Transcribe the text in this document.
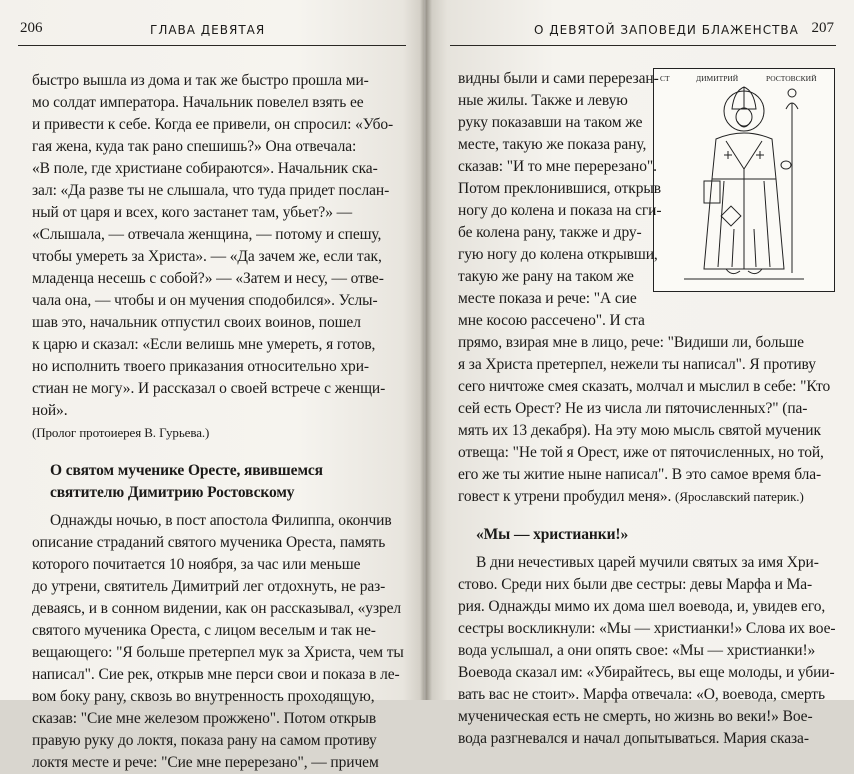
206	ГЛАВА ДЕВЯТАЯ
быстро вышла из дома и так же быстро прошла ми-
мо солдат императора. Начальник повелел взять ее
и привести к себе. Когда ее привели, он спросил: «Убо-
гая жена, куда так рано спешишь?» Она отвечала:
«В поле, где христиане собираются». Начальник ска-
зал: «Да разве ты не слышала, что туда придет послан-
ный от царя и всех, кого застанет там, убьет?» —
«Слышала, — отвечала женщина, — потому и спешу,
чтобы умереть за Христа». — «Да зачем же, если так,
младенца несешь с собой?» — «Затем и несу, — отве-
чала она, — чтобы и он мучения сподобился». Услы-
шав это, начальник отпустил своих воинов, пошел
к царю и сказал: «Если велишь мне умереть, я готов,
но исполнить твоего приказания относительно хри-
стиан не могу». И рассказал о своей встрече с женщи-
ной».
(Пролог протоиерея В. Гурьева.)
О святом мученике Оресте, явившемся
святителю Димитрию Ростовскому
Однажды ночью, в пост апостола Филиппа, окончив
описание страданий святого мученика Ореста, память
которого почитается 10 ноября, за час или меньше
до утрени, святитель Димитрий лег отдохнуть, не раз-
деваясь, и в сонном видении, как он рассказывал, «узрел
святого мученика Ореста, с лицом веселым и так не-
вещающего: "Я больше претерпел мук за Христа, чем ты
написал". Сие рек, открыв мне перси свои и показа в ле-
вом боку рану, сквозь во внутренность проходящую,
сказав: "Сие мне железом прожжено". Потом открыв
правую руку до локтя, показа рану на самом противу
локтя месте и рече: "Сие мне перерезано", — причем
О ДЕВЯТОЙ ЗАПОВЕДИ БЛАЖЕНСТВА 207
СТ	ДИМИТРИЙ	РОСТОВСКИЙ
видны были и сами перерезан-
ные жилы. Также и левую
руку показавши на таком же
месте, такую же показа рану,
сказав: "И то мне перерезано".
Потом преклонившися, открыв
ногу до колена и показа на сги-
бе колена рану, также и дру-
гую ногу до колена открывши,
такую же рану на таком же
месте показа и рече: "А сие
мне косою рассечено". И ста
прямо, взирая мне в лицо, рече: "Видиши ли, больше
я за Христа претерпел, нежели ты написал". Я противу
сего ничтоже смея сказать, молчал и мыслил в себе: "Кто
сей есть Орест? Не из числа ли пяточисленных?" (па-
мять их 13 декабря). На эту мою мысль святой мученик
отвеща: "Не той я Орест, иже от пяточисленных, но той,
его же ты житие ныне написал". В это самое время бла-
говест к утрени пробудил меня». (Ярославский патерик.)
«Мы — христианки!»
В дни нечестивых царей мучили святых за имя Хри-
стово. Среди них были две сестры: девы Марфа и Ма-
рия. Однажды мимо их дома шел воевода, и, увидев его,
сестры воскликнули: «Мы — христианки!» Слова их вое-
вода услышал, а они опять свое: «Мы — христианки!»
Воевода сказал им: «Убирайтесь, вы еще молоды, и убии-
вать вас не стоит». Марфа отвечала: «О, воевода, смерть
мученическая есть не смерть, но жизнь во веки!» Вое-
вода разгневался и начал допытываться. Мария сказа-
